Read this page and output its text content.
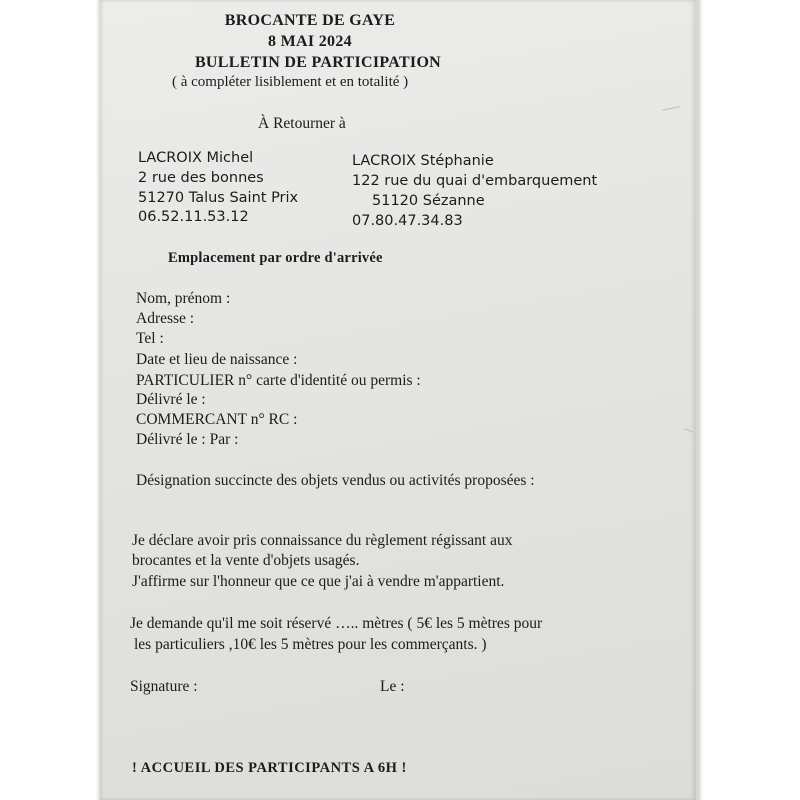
BROCANTE DE GAYE
8 MAI 2024
BULLETIN DE PARTICIPATION
( à compléter lisiblement et en totalité )
À Retourner à
LACROIX Michel
2 rue des bonnes
51270 Talus Saint Prix
06.52.11.53.12
LACROIX Stéphanie
122 rue du quai d'embarquement
51120 Sézanne
07.80.47.34.83
Emplacement par ordre d'arrivée
Nom, prénom :
Adresse :
Tel :
Date et lieu de naissance :
PARTICULIER n° carte d'identité ou permis :
Délivré le :
COMMERCANT n° RC :
Délivré le : Par :
Désignation succincte des objets vendus ou activités proposées :
Je déclare avoir pris connaissance du règlement régissant aux
brocantes et la vente d'objets usagés.
J'affirme sur l'honneur que ce que j'ai à vendre m'appartient.
Je demande qu'il me soit réservé ….. mètres ( 5€ les 5 mètres pour
les particuliers ,10€ les 5 mètres pour les commerçants. )
Signature :	Le :
! ACCUEIL DES PARTICIPANTS A 6H !
